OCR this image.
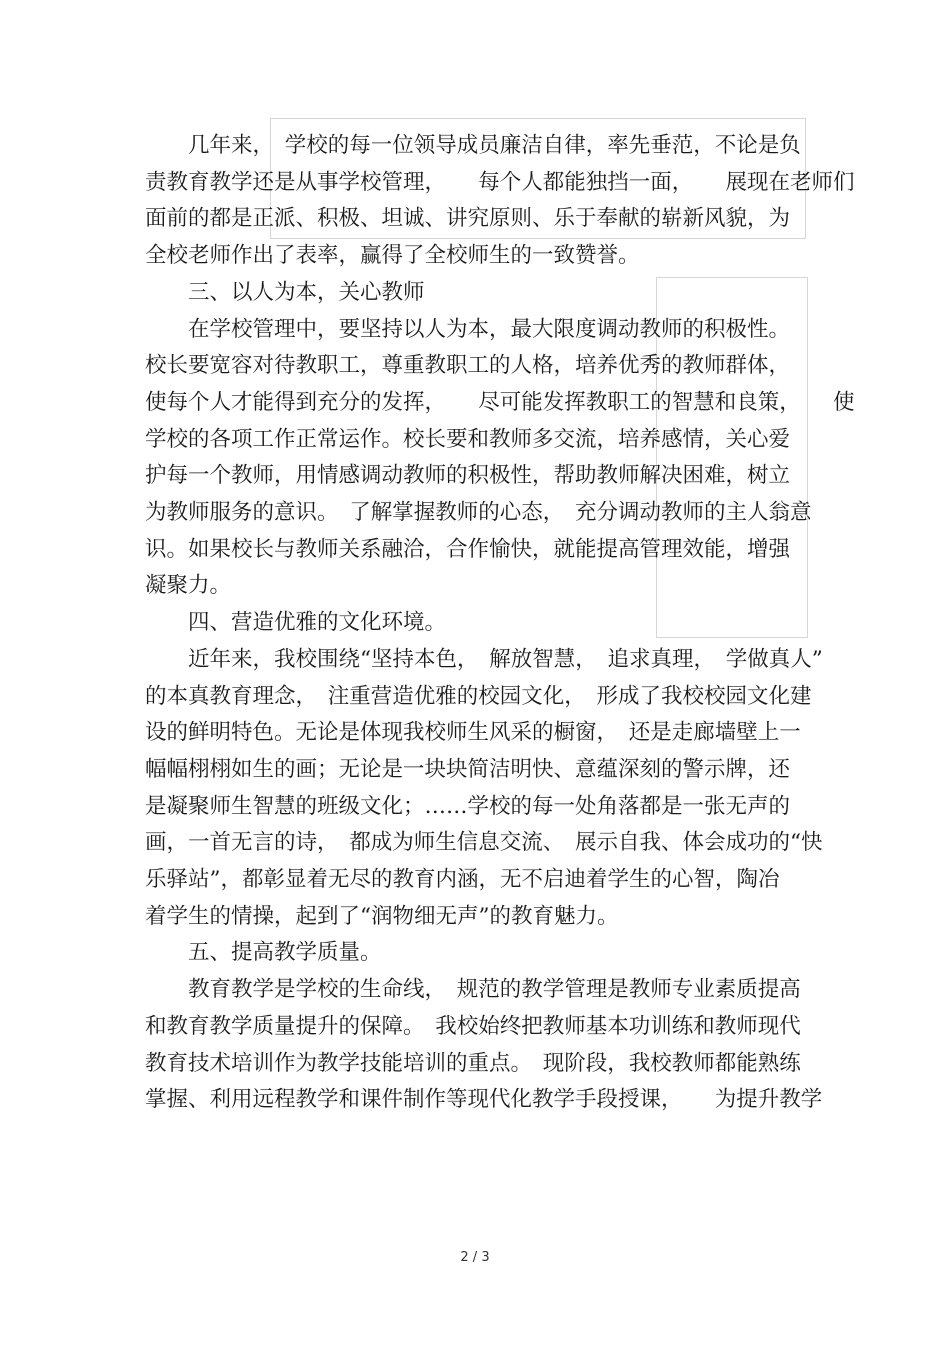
　　几年来，　学校的每一位领导成员廉洁自律，率先垂范，不论是负
责教育教学还是从事学校管理，　　每个人都能独挡一面，　　展现在老师们
面前的都是正派、积极、坦诚、讲究原则、乐于奉献的崭新风貌，为
全校老师作出了表率，赢得了全校师生的一致赞誉。
　　三、以人为本，关心教师
　　在学校管理中，要坚持以人为本，最大限度调动教师的积极性。
校长要宽容对待教职工，尊重教职工的人格，培养优秀的教师群体，
使每个人才能得到充分的发挥，　　尽可能发挥教职工的智慧和良策，　　使
学校的各项工作正常运作。校长要和教师多交流，培养感情，关心爱
护每一个教师，用情感调动教师的积极性，帮助教师解决困难，树立
为教师服务的意识。　了解掌握教师的心态，　充分调动教师的主人翁意
识。如果校长与教师关系融洽，合作愉快，就能提高管理效能，增强
凝聚力。
　　四、营造优雅的文化环境。
　　近年来，我校围绕“坚持本色，　解放智慧，　追求真理，　学做真人”
的本真教育理念，　注重营造优雅的校园文化，　形成了我校校园文化建
设的鲜明特色。无论是体现我校师生风采的橱窗，　还是走廊墙壁上一
幅幅栩栩如生的画；无论是一块块简洁明快、意蕴深刻的警示牌，还
是凝聚师生智慧的班级文化；……学校的每一处角落都是一张无声的
画，一首无言的诗，　都成为师生信息交流、　展示自我、体会成功的“快
乐驿站”，都彰显着无尽的教育内涵，无不启迪着学生的心智，陶冶
着学生的情操，起到了“润物细无声”的教育魅力。
　　五、提高教学质量。
　　教育教学是学校的生命线，　规范的教学管理是教师专业素质提高
和教育教学质量提升的保障。　我校始终把教师基本功训练和教师现代
教育技术培训作为教学技能培训的重点。　现阶段，我校教师都能熟练
掌握、利用远程教学和课件制作等现代化教学手段授课，　　为提升教学
2 / 3
